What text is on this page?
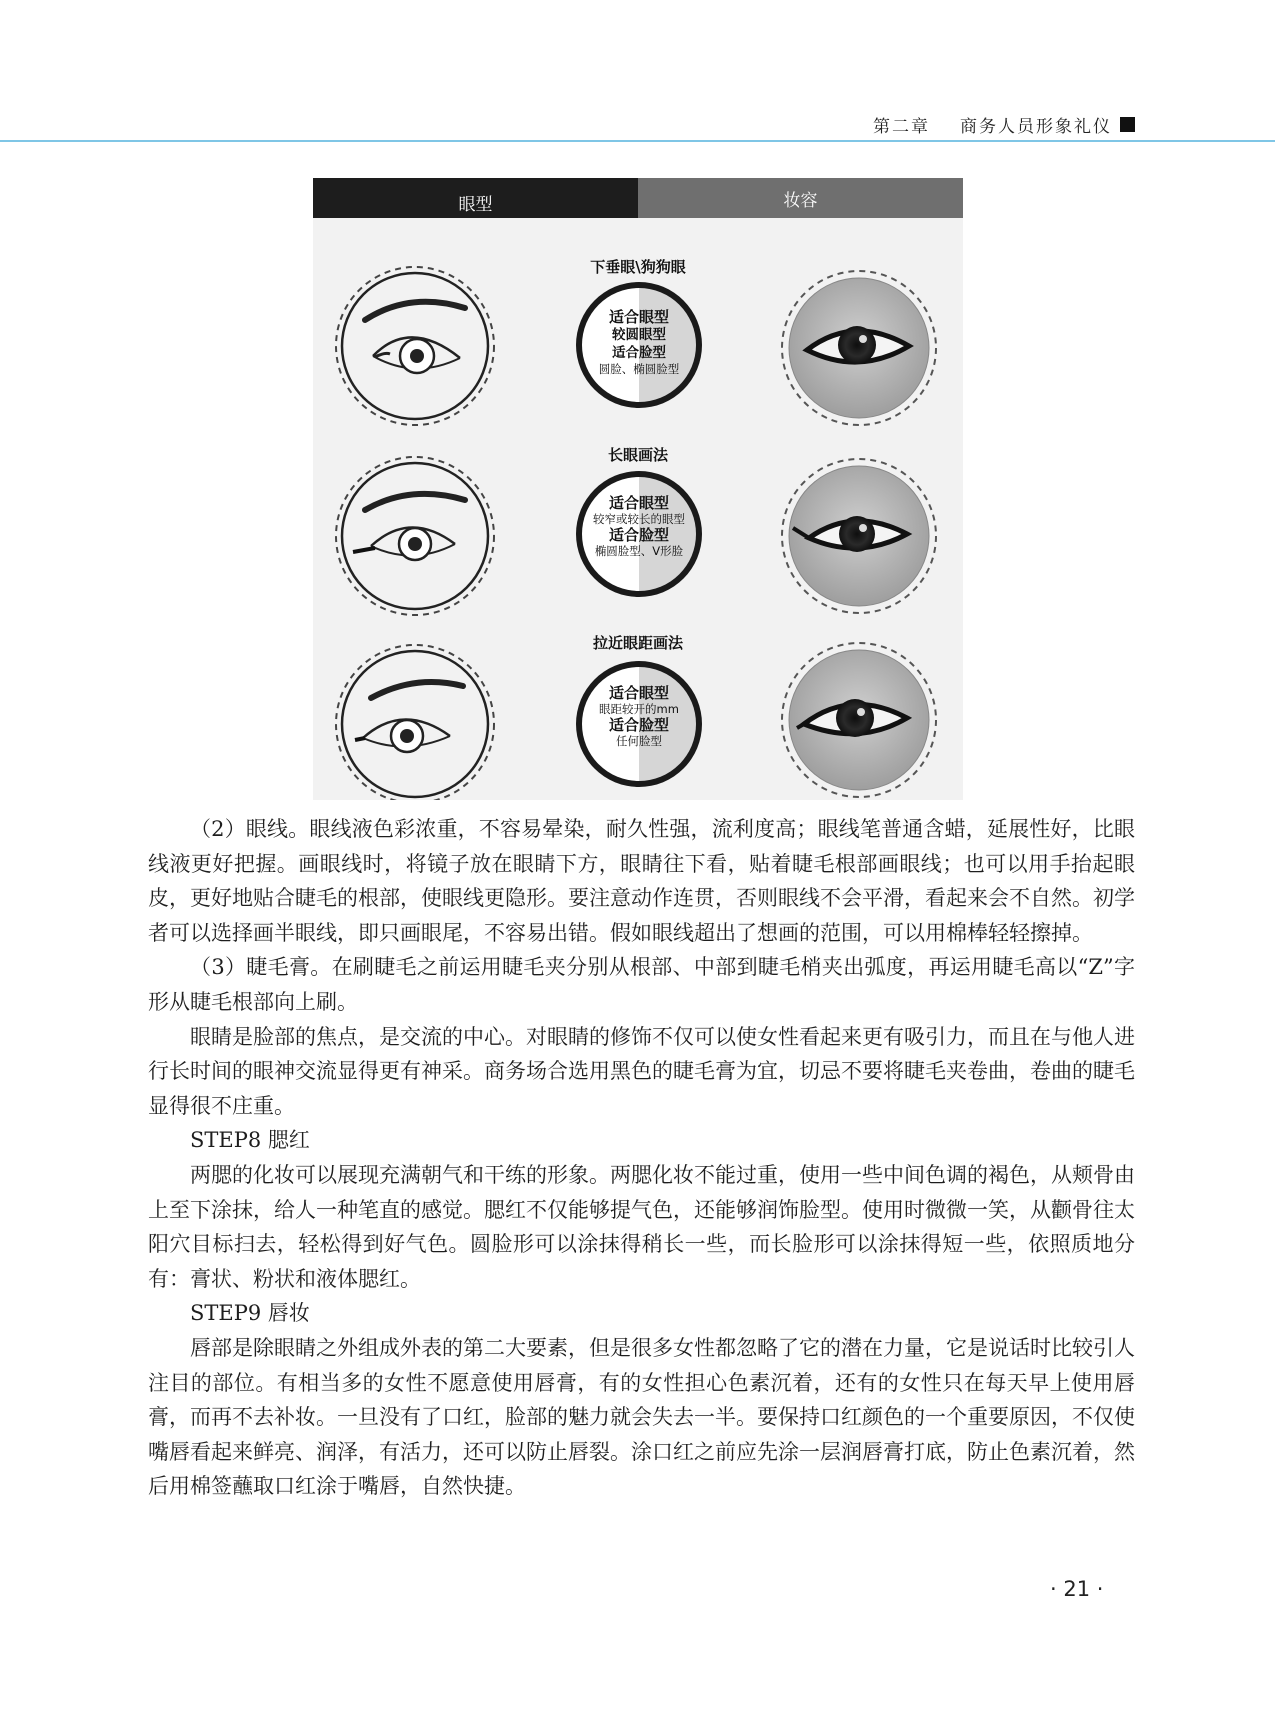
第二章 商务人员形象礼仪
眼型	妆容
下垂眼\狗狗眼
适合眼型
较圆眼型
适合脸型
圆脸、椭圆脸型
长眼画法
适合眼型
较窄或较长的眼型
适合脸型
椭圆脸型、V形脸
拉近眼距画法
适合眼型
眼距较开的mm
适合脸型
任何脸型

（2）眼线。眼线液色彩浓重，不容易晕染，耐久性强，流利度高；眼线笔普通含蜡，延展性好，比眼线液更好把握。画眼线时，将镜子放在眼睛下方，眼睛往下看，贴着睫毛根部画眼线；也可以用手抬起眼皮，更好地贴合睫毛的根部，使眼线更隐形。要注意动作连贯，否则眼线不会平滑，看起来会不自然。初学者可以选择画半眼线，即只画眼尾，不容易出错。假如眼线超出了想画的范围，可以用棉棒轻轻擦掉。

（3）睫毛膏。在刷睫毛之前运用睫毛夹分别从根部、中部到睫毛梢夹出弧度，再运用睫毛高以“Z”字形从睫毛根部向上刷。

眼睛是脸部的焦点，是交流的中心。对眼睛的修饰不仅可以使女性看起来更有吸引力，而且在与他人进行长时间的眼神交流显得更有神采。商务场合选用黑色的睫毛膏为宜，切忌不要将睫毛夹卷曲，卷曲的睫毛显得很不庄重。

STEP8 腮红

两腮的化妆可以展现充满朝气和干练的形象。两腮化妆不能过重，使用一些中间色调的褐色，从颊骨由上至下涂抹，给人一种笔直的感觉。腮红不仅能够提气色，还能够润饰脸型。使用时微微一笑，从颧骨往太阳穴目标扫去，轻松得到好气色。圆脸形可以涂抹得稍长一些，而长脸形可以涂抹得短一些，依照质地分有：膏状、粉状和液体腮红。

STEP9 唇妆

唇部是除眼睛之外组成外表的第二大要素，但是很多女性都忽略了它的潜在力量，它是说话时比较引人注目的部位。有相当多的女性不愿意使用唇膏，有的女性担心色素沉着，还有的女性只在每天早上使用唇膏，而再不去补妆。一旦没有了口红，脸部的魅力就会失去一半。要保持口红颜色的一个重要原因，不仅使嘴唇看起来鲜亮、润泽，有活力，还可以防止唇裂。涂口红之前应先涂一层润唇膏打底，防止色素沉着，然后用棉签蘸取口红涂于嘴唇，自然快捷。

· 21 ·
